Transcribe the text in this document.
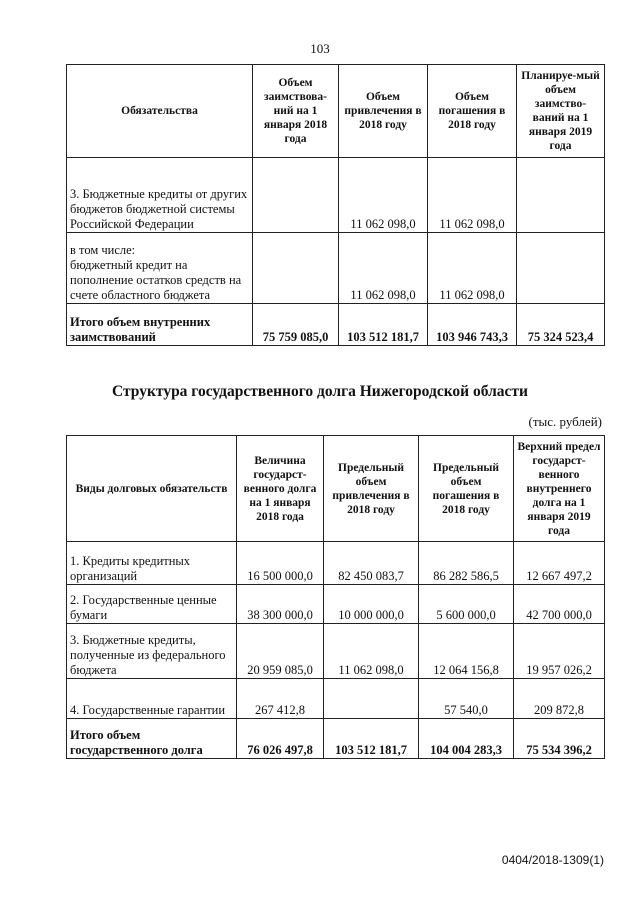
103
Обязательства	Объем заимствова-ний на 1 января 2018 года	Объем привлечения в 2018 году	Объем погашения в 2018 году	Планируе-мый объем заимство-ваний на 1 января 2019 года
3. Бюджетные кредиты от других бюджетов бюджетной системы Российской Федерации		11 062 098,0	11 062 098,0	
в том числе:
бюджетный кредит на пополнение остатков средств на счете областного бюджета		11 062 098,0	11 062 098,0	
Итого объем внутренних заимствований	75 759 085,0	103 512 181,7	103 946 743,3	75 324 523,4
Структура государственного долга Нижегородской области
(тыс. рублей)
Виды долговых обязательств	Величина государст-венного долга на 1 января 2018 года	Предельный объем привлечения в 2018 году	Предельный объем погашения в 2018 году	Верхний предел государст-венного внутреннего долга на 1 января 2019 года
1. Кредиты кредитных организаций	16 500 000,0	82 450 083,7	86 282 586,5	12 667 497,2
2. Государственные ценные бумаги	38 300 000,0	10 000 000,0	5 600 000,0	42 700 000,0
3. Бюджетные кредиты, полученные из федерального бюджета	20 959 085,0	11 062 098,0	12 064 156,8	19 957 026,2
4. Государственные гарантии	267 412,8		57 540,0	209 872,8
Итого объем государственного долга	76 026 497,8	103 512 181,7	104 004 283,3	75 534 396,2
0404/2018-1309(1)
